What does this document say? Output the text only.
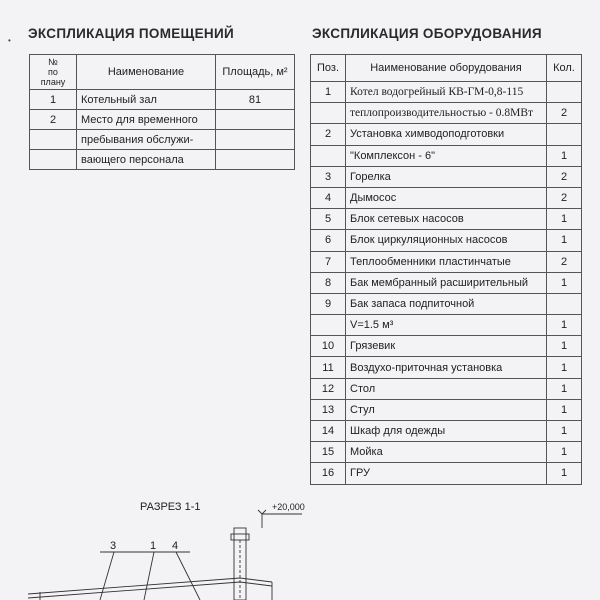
• ЭКСПЛИКАЦИЯ ПОМЕЩЕНИЙ	ЭКСПЛИКАЦИЯ ОБОРУДОВАНИЯ
№
по
плану	Наименование	Площадь, м²
1	Котельный зал	81
2	Место для временного	
	пребывания обслужи-	
	вающего персонала	
Поз.	Наименование оборудования	Кол.
1	Котел водогрейный КВ-ГМ-0,8-115	
	теплопроизводительностью - 0.8МВт	2
2	Установка химводоподготовки	
	"Комплексон - 6"	1
3	Горелка	2
4	Дымосос	2
5	Блок сетевых насосов	1
6	Блок циркуляционных насосов	1
7	Теплообменники пластинчатые	2
8	Бак мембранный расширительный	1
9	Бак запаса подпиточной	
	V=1.5 м³	1
10	Грязевик	1
11	Воздухо-приточная установка	1
12	Стол	1
13	Стул	1
14	Шкаф для одежды	1
15	Мойка	1
16	ГРУ	1
РАЗРЕЗ 1-1	+20,000
3	1 4
